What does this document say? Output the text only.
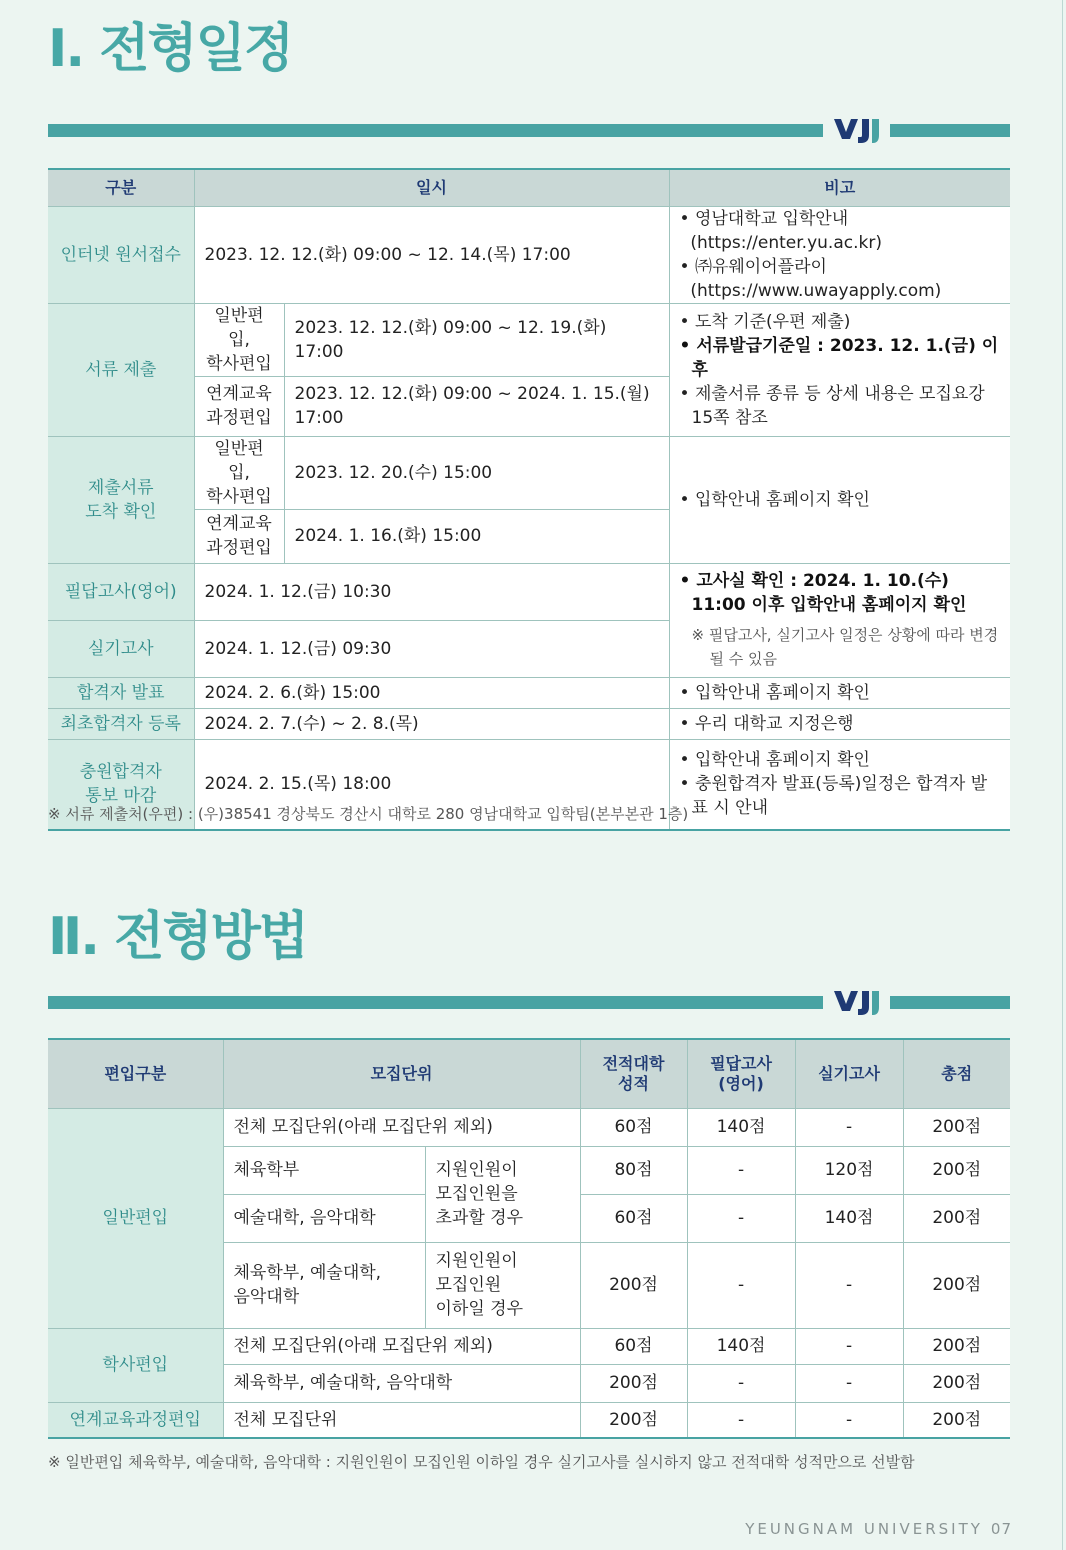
Ⅰ. 전형일정
구분	일시		비고
인터넷 원서접수	2023. 12. 12.(화) 09:00 ~ 12. 14.(목) 17:00		• 영남대학교 입학안내
(https://enter.yu.ac.kr)
• ㈜유웨이어플라이
(https://www.uwayapply.com)

서류 제출	일반편입,
학사편입	2023. 12. 12.(화) 09:00 ~ 12. 19.(화) 17:00	• 도착 기준(우편 제출)
• 서류발급기준일 : 2023. 12. 1.(금) 이후
• 제출서류 종류 등 상세 내용은 모집요강 15쪽 참조

	연계교육
과정편입	2023. 12. 12.(화) 09:00 ~ 2024. 1. 15.(월) 17:00	
제출서류
도착 확인	일반편입,
학사편입	2023. 12. 20.(수) 15:00	• 입학안내 홈페이지 확인

	연계교육
과정편입	2024. 1. 16.(화) 15:00	
필답고사(영어)	2024. 1. 12.(금) 10:30		• 고사실 확인 : 2024. 1. 10.(수) 11:00 이후 입학안내 홈페이지 확인
※ 필답고사, 실기고사 일정은 상황에 따라 변경될 수 있음

실기고사	2024. 1. 12.(금) 09:30		
합격자 발표	2024. 2. 6.(화) 15:00		• 입학안내 홈페이지 확인

최초합격자 등록	2024. 2. 7.(수) ~ 2. 8.(목)		• 우리 대학교 지정은행

충원합격자
통보 마감	2024. 2. 15.(목) 18:00		• 입학안내 홈페이지 확인
• 충원합격자 발표(등록)일정은 합격자 발표 시 안내
※ 서류 제출처(우편) : (우)38541 경상북도 경산시 대학로 280 영남대학교 입학팀(본부본관 1층)
Ⅱ. 전형방법
편입구분	모집단위		전적대학
성적	필답고사
(영어)	실기고사	총점
일반편입	전체 모집단위(아래 모집단위 제외)		60점	140점	-	200점
	체육학부	지원인원이
모집인원을
초과할 경우	80점	-	120점	200점
	예술대학, 음악대학		60점	-	140점	200점
	체육학부, 예술대학,
음악대학	지원인원이
모집인원
이하일 경우	200점	-	-	200점
학사편입	전체 모집단위(아래 모집단위 제외)		60점	140점	-	200점
	체육학부, 예술대학, 음악대학		200점	-	-	200점
연계교육과정편입	전체 모집단위		200점	-	-	200점
※ 일반편입 체육학부, 예술대학, 음악대학 : 지원인원이 모집인원 이하일 경우 실기고사를 실시하지 않고 전적대학 성적만으로 선발함
YEUNGNAM UNIVERSITY 07
